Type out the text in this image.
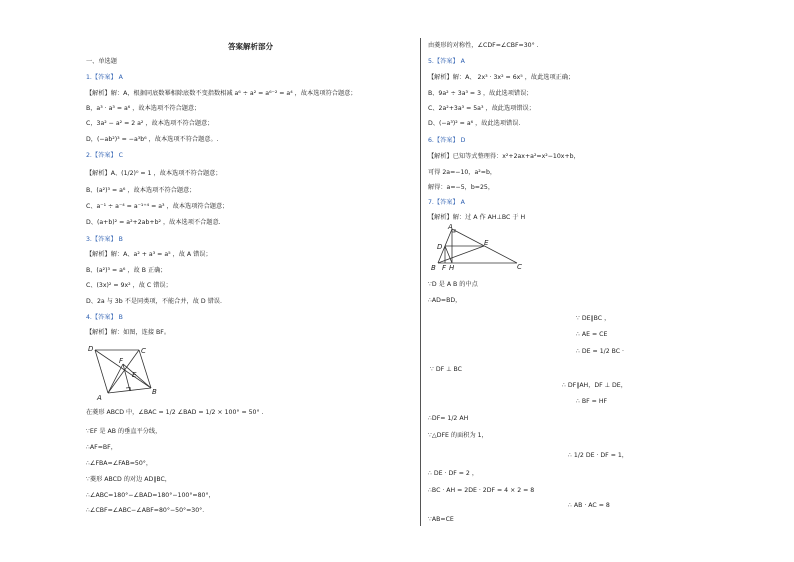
答案解析部分
一、单选题
1.【答案】 A
【解析】解：A，根据同底数幂相除底数不变指数相减 a⁶ ÷ a² = a⁶⁻² = a⁴ ，故本选项符合题意；
B，a³ · a³ = a⁶ ，故本选项不符合题意；
C，3a² − a² = 2 a² ，故本选项不符合题意；
D，(−ab²)³ = −a³b⁶ ，故本选项不符合题意。.
2.【答案】 C
【解析】A、(1/2)⁰ = 1 ，故本选项不符合题意；
B、(a²)³ = a⁶ ，故本选项不符合题意；
C、a⁻¹ ÷ a⁻⁴ = a⁻¹⁺⁴ = a³ ，故本选项符合题意；
D、(a+b)² = a²+2ab+b² ，故本选项不合题意.
3.【答案】 B
【解析】解：A、a² + a³ = a⁵ ，故 A 错误；
B、(a²)³ = a⁶ ，故 B 正确；
C、(3x)² = 9x² ，故 C 错误；
D、2a 与 3b 不是同类项，不能合并，故 D 错误.
4.【答案】 B
【解析】解：如图，连接 BF。
D	C
F
E
A
B
在菱形 ABCD 中，∠BAC = 1/2 ∠BAD = 1/2 × 100° = 50° .
∵EF 是 AB 的垂直平分线，
∴AF=BF，
∴∠FBA=∠FAB=50°，
∵菱形 ABCD 的对边 AD∥BC，
∴∠ABC=180°−∠BAD=180°−100°=80°，
∴∠CBF=∠ABC−∠ABF=80°−50°=30°．
由菱形的对称性，∠CDF=∠CBF=30° .
5.【答案】 A
【解析】解：A、 2x³ · 3x² = 6x⁵ ，故此选项正确；
B、9a² ÷ 3a³ = 3 ，故此选项错误；
C、2a²+3a³ = 5a³ ，故此选项错误；
D、(−a³)² = a⁶ ，故此选项错误.
6.【答案】 D
【解析】已知等式整理得：x²+2ax+a²=x²−10x+b，
可得 2a=−10，a²=b，
解得：a=−5，b=25，
7.【答案】 A
【解析】解：过 A 作 AH⊥BC 于 H
A
D	E
B F H	C
∵D 是 A B 的中点
∴AD=BD，
∵ DE∥BC ，
∴ AE = CE
∴ DE = 1/2 BC ·
∵ DF ⊥ BC
∴ DF∥AH，DF ⊥ DE，
∴ BF = HF
∴DF= 1/2 AH
∵△DFE 的面积为 1，
∴ 1/2 DE · DF = 1，
∴ DE · DF = 2 ，
∴BC · AH = 2DE · 2DF = 4 × 2 = 8
∴ AB · AC = 8
∵AB=CE
